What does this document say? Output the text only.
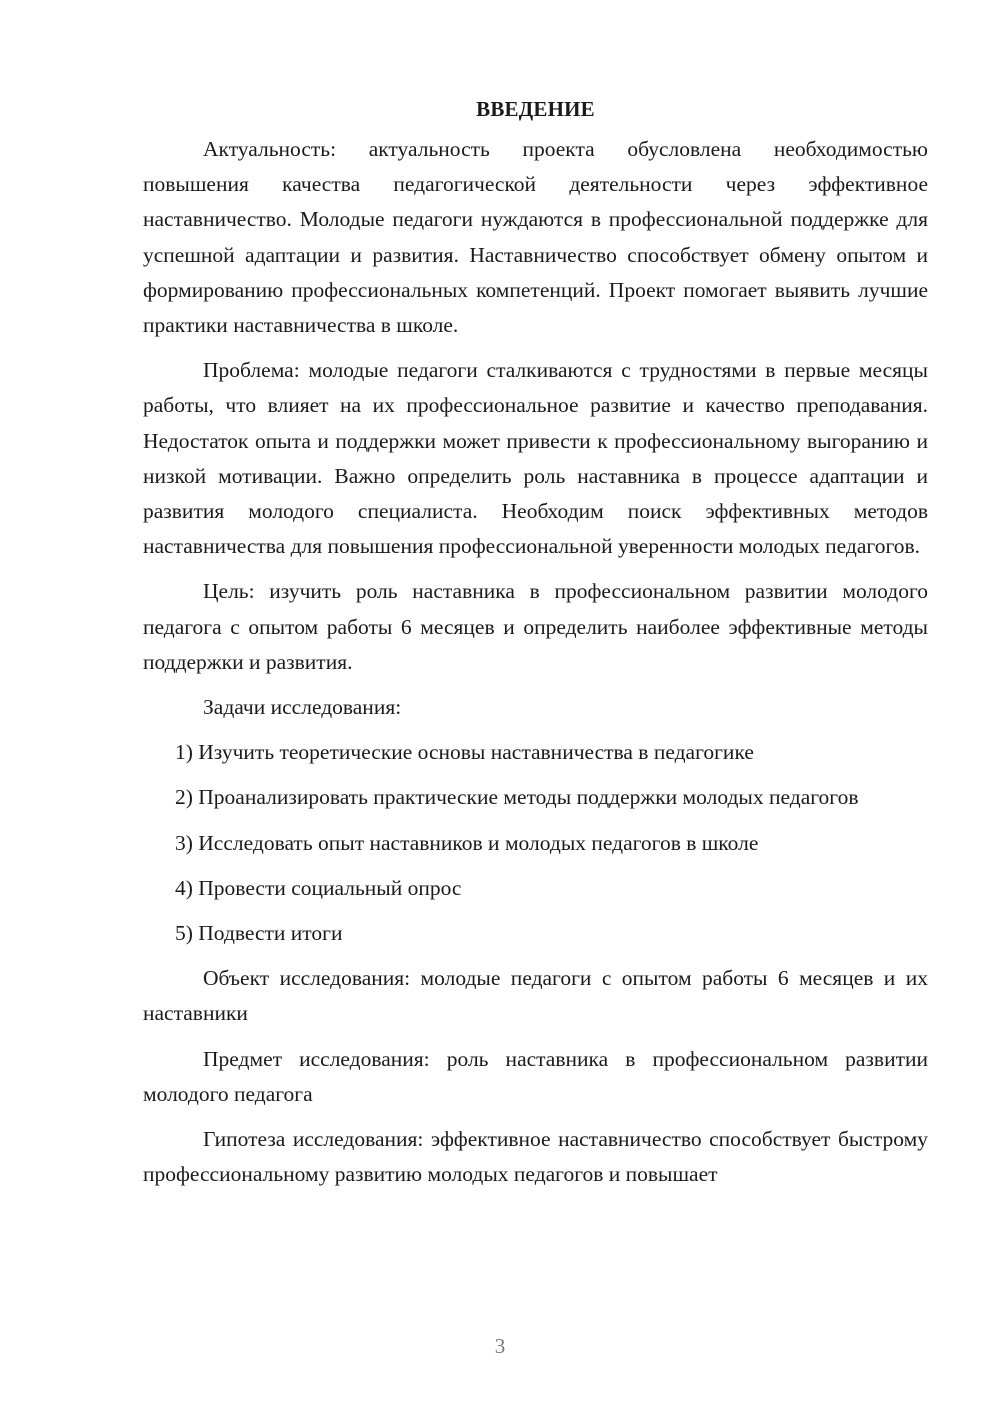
ВВЕДЕНИЕ

Актуальность: актуальность проекта обусловлена необходимостью повышения качества педагогической деятельности через эффективное наставничество. Молодые педагоги нуждаются в профессиональной поддержке для успешной адаптации и развития. Наставничество способствует обмену опытом и формированию профессиональных компетенций. Проект помогает выявить лучшие практики наставничества в школе.

Проблема: молодые педагоги сталкиваются с трудностями в первые месяцы работы, что влияет на их профессиональное развитие и качество преподавания. Недостаток опыта и поддержки может привести к профессиональному выгоранию и низкой мотивации. Важно определить роль наставника в процессе адаптации и развития молодого специалиста. Необходим поиск эффективных методов наставничества для повышения профессиональной уверенности молодых педагогов.

Цель: изучить роль наставника в профессиональном развитии молодого педагога с опытом работы 6 месяцев и определить наиболее эффективные методы поддержки и развития.

Задачи исследования:

1) Изучить теоретические основы наставничества в педагогике

2) Проанализировать практические методы поддержки молодых педагогов

3) Исследовать опыт наставников и молодых педагогов в школе

4) Провести социальный опрос

5) Подвести итоги

Объект исследования: молодые педагоги с опытом работы 6 месяцев и их наставники

Предмет исследования: роль наставника в профессиональном развитии молодого педагога

Гипотеза исследования: эффективное наставничество способствует быстрому профессиональному развитию молодых педагогов и повышает

3
